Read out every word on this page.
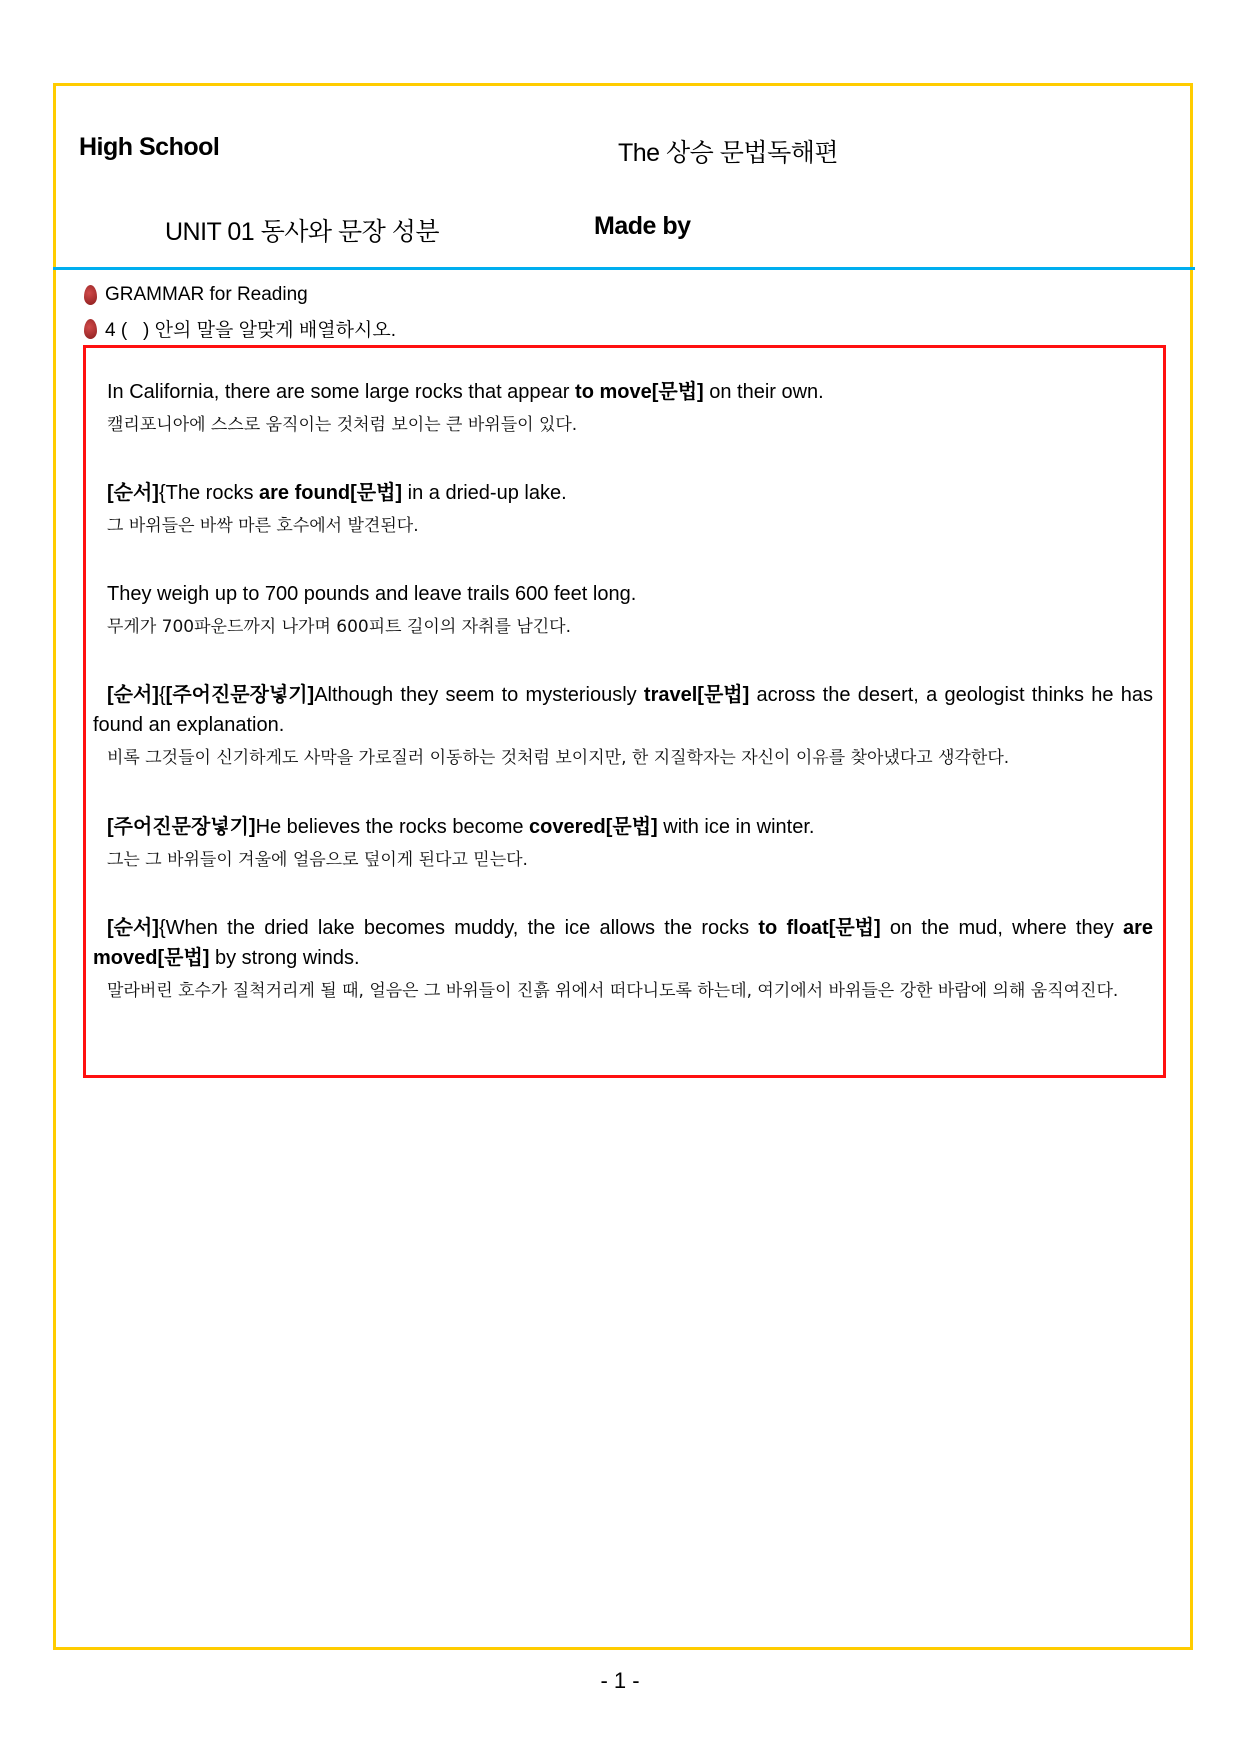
High School	The 상승 문법독해편
UNIT 01 동사와 문장 성분	Made by
GRAMMAR for Reading
4 (   ) 안의 말을 알맞게 배열하시오.
In California, there are some large rocks that appear to move[문법] on their own.
캘리포니아에 스스로 움직이는 것처럼 보이는 큰 바위들이 있다.
[순서]{The rocks are found[문법] in a dried-up lake.
그 바위들은 바싹 마른 호수에서 발견된다.
They weigh up to 700 pounds and leave trails 600 feet long.
무게가 700파운드까지 나가며 600피트 길이의 자취를 남긴다.
[순서]{[주어진문장넣기]Although they seem to mysteriously travel[문법] across the desert, a geologist thinks he has found an explanation.
비록 그것들이 신기하게도 사막을 가로질러 이동하는 것처럼 보이지만, 한 지질학자는 자신이 이유를 찾아냈다고 생각한다.
[주어진문장넣기]He believes the rocks become covered[문법] with ice in winter.
그는 그 바위들이 겨울에 얼음으로 덮이게 된다고 믿는다.
[순서]{When the dried lake becomes muddy, the ice allows the rocks to float[문법] on the mud, where they are moved[문법] by strong winds.
말라버린 호수가 질척거리게 될 때, 얼음은 그 바위들이 진흙 위에서 떠다니도록 하는데, 여기에서 바위들은 강한 바람에 의해 움직여진다.
- 1 -
